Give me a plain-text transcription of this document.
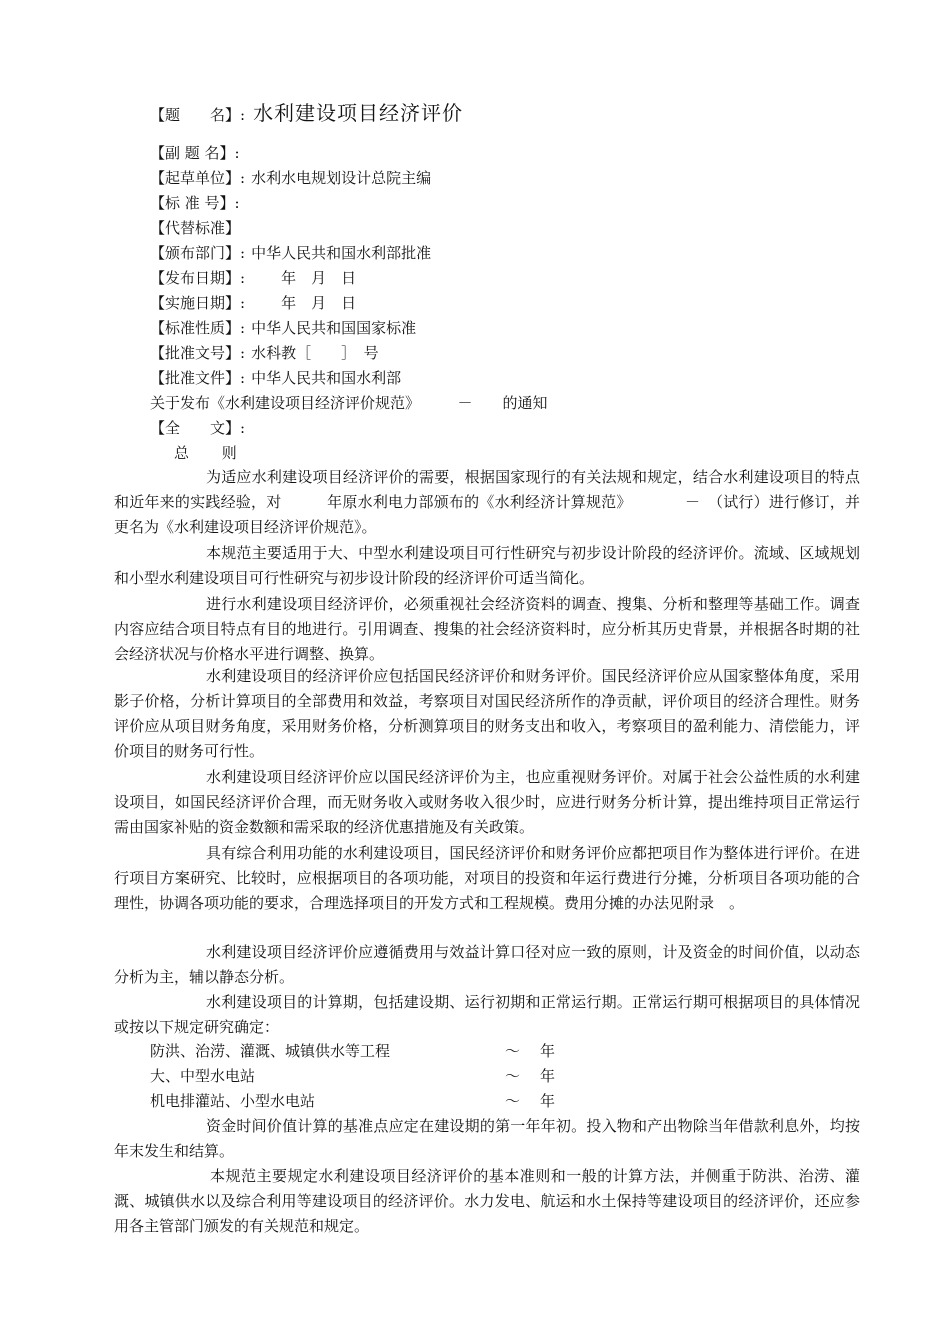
【题　　名】: 水利建设项目经济评价
【副 题 名】:
【起草单位】: 水利水电规划设计总院主编
【标 准 号】:
【代替标准】
【颁布部门】: 中华人民共和国水利部批准
【发布日期】:　　年　月　日
【实施日期】:　　年　月　日
【标准性质】: 中华人民共和国国家标准
【批准文号】: 水科教［　　］　号
【批准文件】: 中华人民共和国水利部
关于发布《水利建设项目经济评价规范》　　　－　　的通知
【全　　文】:
总 则

为适应水利建设项目经济评价的需要，根据国家现行的有关法规和规定，结合水利建设项目的特点和近年来的实践经验，对　　　年原水利电力部颁布的《水利经济计算规范》　　　　－　（试行）进行修订，并更名为《水利建设项目经济评价规范》。

本规范主要适用于大、中型水利建设项目可行性研究与初步设计阶段的经济评价。流域、区域规划和小型水利建设项目可行性研究与初步设计阶段的经济评价可适当简化。

进行水利建设项目经济评价，必须重视社会经济资料的调查、搜集、分析和整理等基础工作。调查内容应结合项目特点有目的地进行。引用调查、搜集的社会经济资料时，应分析其历史背景，并根据各时期的社会经济状况与价格水平进行调整、换算。

水利建设项目的经济评价应包括国民经济评价和财务评价。国民经济评价应从国家整体角度，采用影子价格，分析计算项目的全部费用和效益，考察项目对国民经济所作的净贡献，评价项目的经济合理性。财务评价应从项目财务角度，采用财务价格，分析测算项目的财务支出和收入，考察项目的盈利能力、清偿能力，评价项目的财务可行性。

水利建设项目经济评价应以国民经济评价为主，也应重视财务评价。对属于社会公益性质的水利建设项目，如国民经济评价合理，而无财务收入或财务收入很少时，应进行财务分析计算，提出维持项目正常运行需由国家补贴的资金数额和需采取的经济优惠措施及有关政策。

具有综合利用功能的水利建设项目，国民经济评价和财务评价应都把项目作为整体进行评价。在进行项目方案研究、比较时，应根据项目的各项功能，对项目的投资和年运行费进行分摊，分析项目各项功能的合理性，协调各项功能的要求，合理选择项目的开发方式和工程规模。费用分摊的办法见附录　。

水利建设项目经济评价应遵循费用与效益计算口径对应一致的原则，计及资金的时间价值，以动态分析为主，辅以静态分析。

水利建设项目的计算期，包括建设期、运行初期和正常运行期。正常运行期可根据项目的具体情况或按以下规定研究确定：

防洪、治涝、灌溉、城镇供水等工程	～ 年
大、中型水电站	～ 年
机电排灌站、小型水电站	～ 年

资金时间价值计算的基准点应定在建设期的第一年年初。投入物和产出物除当年借款利息外，均按年末发生和结算。

本规范主要规定水利建设项目经济评价的基本准则和一般的计算方法，并侧重于防洪、治涝、灌溉、城镇供水以及综合利用等建设项目的经济评价。水力发电、航运和水土保持等建设项目的经济评价，还应参用各主管部门颁发的有关规范和规定。
